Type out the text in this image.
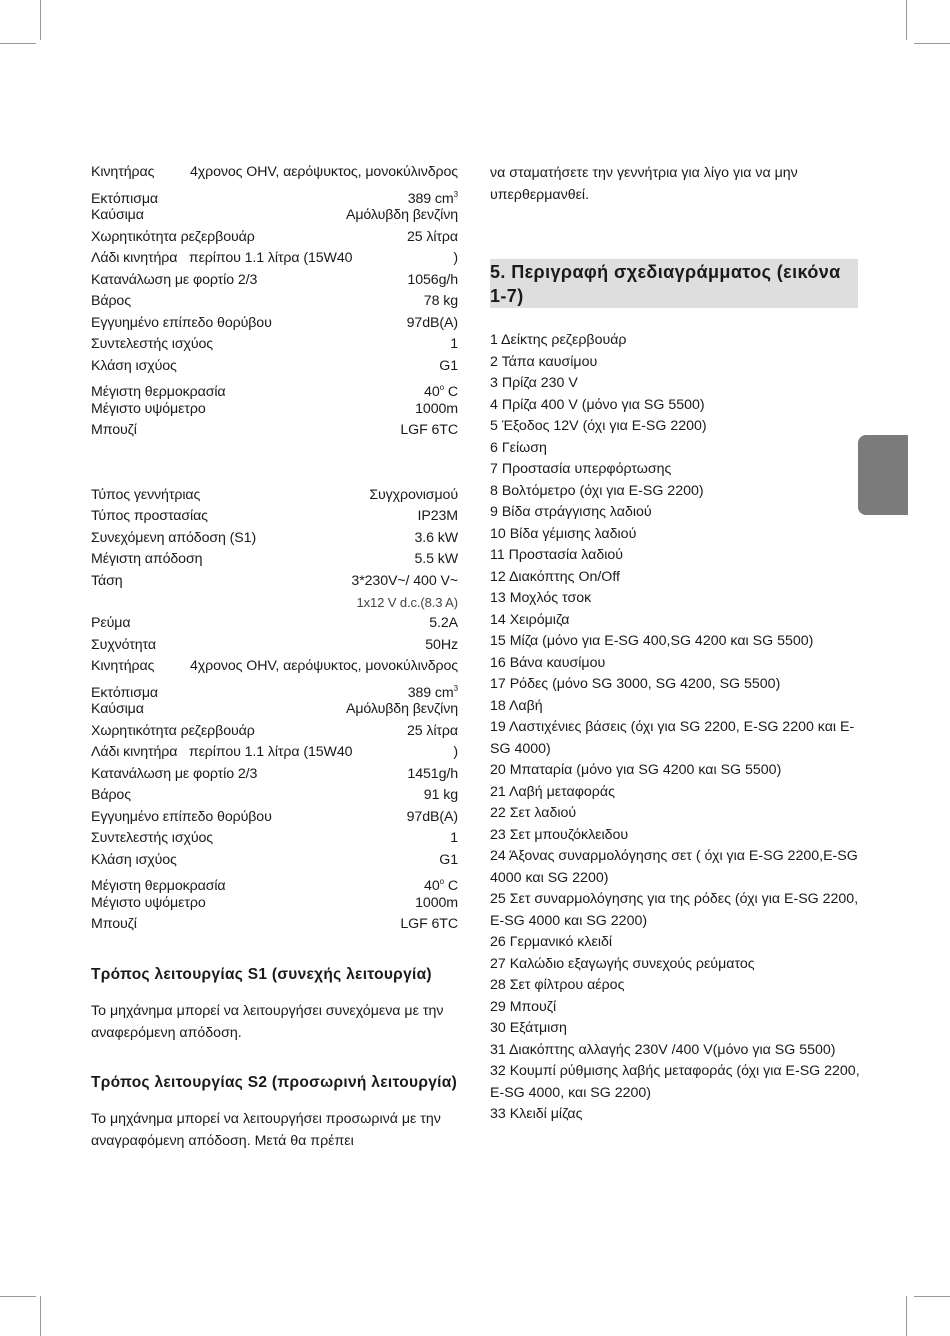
Κινητήρας	4χρονος OHV, αερόψυκτος, μονοκύλινδρος
Εκτόπισμα	389 $cm^3$
Καύσιμα	Αμόλυβδη βενζίνη
Χωρητικότητα ρεζερβουάρ	25 λίτρα
Λάδι κινητήρα   περίπου 1.1 λίτρα (15W40	)
Κατανάλωση με φορτίο 2/3	1056g/h
Βάρος	78 kg
Εγγυημένο επίπεδο θορύβου	97dB(A)
Συντελεστής ισχύος	1
Κλάση ισχύος	G1
Μέγιστη θερμοκρασία	40$^o$ C
Μέγιστο υψόμετρο	1000m
Μπουζί	LGF 6TC
Τύπος γεννήτριας	Συγχρονισμού
Τύπος προστασίας	IP23M
Συνεχόμενη απόδοση (S1)	3.6 kW
Μέγιστη απόδοση	5.5 kW
Τάση	3*230V~/ 400 V~
1x12 V d.c.(8.3 A)
Ρεύμα	5.2A
Συχνότητα	50Hz
Κινητήρας	4χρονος OHV, αερόψυκτος, μονοκύλινδρος
Εκτόπισμα	389 $cm^3$
Καύσιμα	Αμόλυβδη βενζίνη
Χωρητικότητα ρεζερβουάρ	25 λίτρα
Λάδι κινητήρα   περίπου 1.1 λίτρα (15W40	)
Κατανάλωση με φορτίο 2/3	1451g/h
Βάρος	91 kg
Εγγυημένο επίπεδο θορύβου	97dB(A)
Συντελεστής ισχύος	1
Κλάση ισχύος	G1
Μέγιστη θερμοκρασία	40$^o$ C
Μέγιστο υψόμετρο	1000m
Μπουζί	LGF 6TC
Τρόπος λειτουργίας S1 (συνεχής λειτουργία)

Το μηχάνημα μπορεί να λειτουργήσει συνεχόμενα με την αναφερόμενη απόδοση.

Τρόπος λειτουργίας S2 (προσωρινή λειτουργία)

Το μηχάνημα μπορεί να λειτουργήσει προσωρινά με την αναγραφόμενη απόδοση. Μετά θα πρέπει

να σταματήσετε την γεννήτρια για λίγο για να μην υπερθερμανθεί.

5. Περιγραφή σχεδιαγράμματος (εικόνα 1-7)
1 Δείκτης ρεζερβουάρ
2 Τάπα καυσίμου
3 Πρίζα 230 V
4 Πρίζα 400 V (μόνο για SG 5500)
5 Έξοδος 12V (όχι για E-SG 2200)
6 Γείωση
7 Προστασία υπερφόρτωσης
8 Βολτόμετρο (όχι για E-SG 2200)
9 Βίδα στράγγισης λαδιού
10 Βίδα γέμισης λαδιού
11 Προστασία λαδιού
12 Διακόπτης On/Off
13 Μοχλός τσοκ
14 Χειρόμιζα
15 Μίζα (μόνο για E-SG 400,SG 4200 και SG 5500)
16 Βάνα καυσίμου
17 Ρόδες (μόνο SG 3000, SG 4200, SG 5500)
18 Λαβή
19 Λαστιχένιες βάσεις (όχι για SG 2200, E-SG 2200 και E-SG 4000)
20 Μπαταρία (μόνο για SG 4200 και SG 5500)
21 Λαβή μεταφοράς
22 Σετ λαδιού
23 Σετ μπουζόκλειδου
24 Άξονας συναρμολόγησης σετ ( όχι για E-SG 2200,E-SG 4000 και SG 2200)
25 Σετ συναρμολόγησης για της ρόδες (όχι για E-SG 2200, E-SG 4000 και SG 2200)
26 Γερμανικό κλειδί
27 Καλώδιο εξαγωγής συνεχούς ρεύματος
28 Σετ φίλτρου αέρος
29 Μπουζί
30 Εξάτμιση
31 Διακόπτης αλλαγής 230V /400 V(μόνο για SG 5500)
32 Κουμπί ρύθμισης λαβής μεταφοράς (όχι για E-SG 2200, E-SG 4000, και SG 2200)
33 Κλειδί μίζας
